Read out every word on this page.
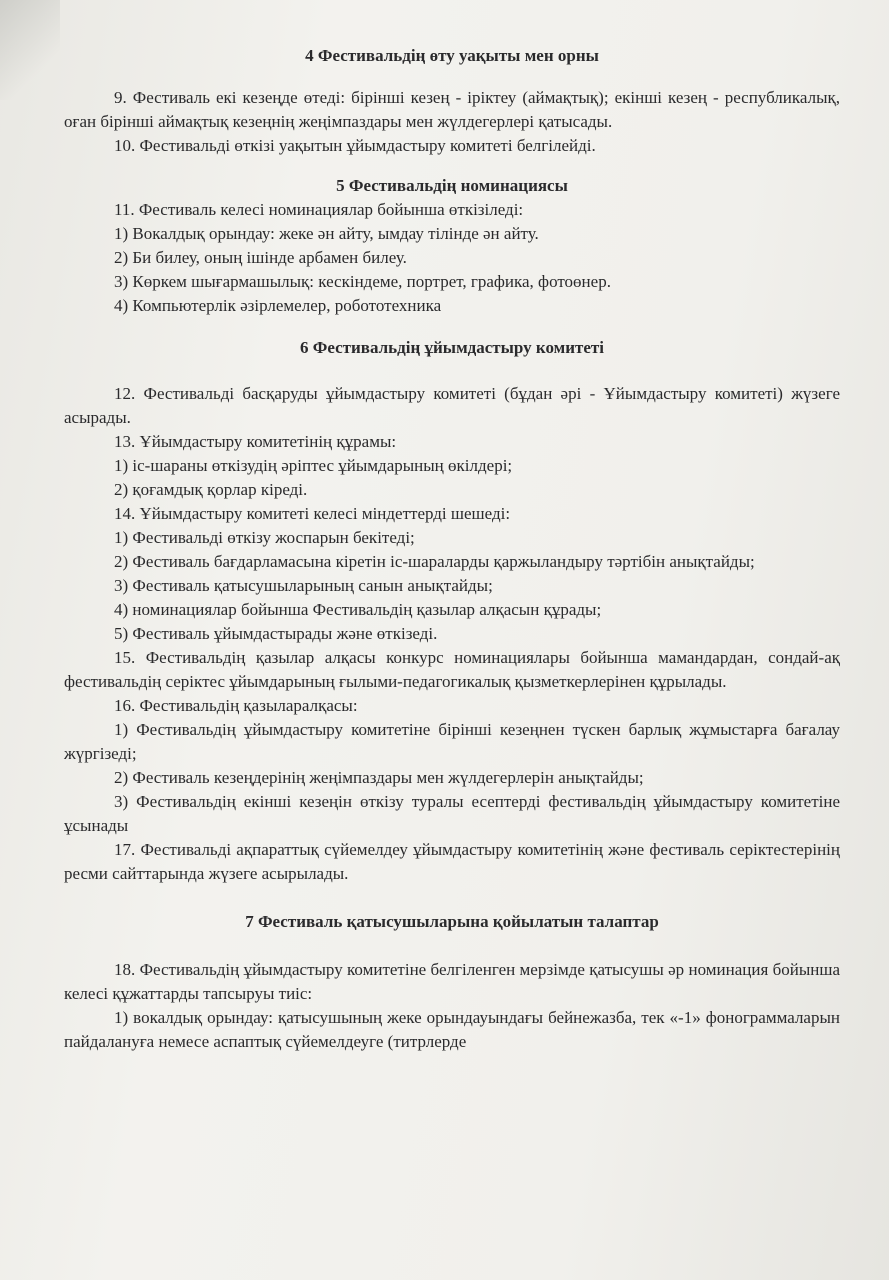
4 Фестивальдің өту уақыты мен орны

9. Фестиваль екі кезеңде өтеді: бірінші кезең - іріктеу (аймақтық); екінші кезең - республикалық, оған бірінші аймақтық кезеңнің жеңімпаздары мен жүлдегерлері қатысады.

10. Фестивальді өткізі уақытын ұйымдастыру комитеті белгілейді.

5 Фестивальдің номинациясы

11. Фестиваль келесі номинациялар бойынша өткізіледі:

1) Вокалдық орындау: жеке ән айту, ымдау тілінде ән айту.

2) Би билеу, оның ішінде арбамен билеу.

3) Көркем шығармашылық: кескіндеме, портрет, графика, фотоөнер.

4) Компьютерлік әзірлемелер, робототехника

6 Фестивальдің ұйымдастыру комитеті

12. Фестивальді басқаруды ұйымдастыру комитеті (бұдан әрі - Ұйымдастыру комитеті) жүзеге асырады.

13. Ұйымдастыру комитетінің құрамы:

1) іс-шараны өткізудің әріптес ұйымдарының өкілдері;

2) қоғамдық қорлар кіреді.

14. Ұйымдастыру комитеті келесі міндеттерді шешеді:

1) Фестивальді өткізу жоспарын бекітеді;

2) Фестиваль бағдарламасына кіретін іс-шараларды қаржыландыру тәртібін анықтайды;

3) Фестиваль қатысушыларының санын анықтайды;

4) номинациялар бойынша Фестивальдің қазылар алқасын құрады;

5) Фестиваль ұйымдастырады және өткізеді.

15. Фестивальдің қазылар алқасы конкурс номинациялары бойынша мамандардан, сондай-ақ фестивальдің серіктес ұйымдарының ғылыми-педагогикалық қызметкерлерінен құрылады.

16. Фестивальдің қазыларалқасы:

1) Фестивальдің ұйымдастыру комитетіне бірінші кезеңнен түскен барлық жұмыстарға бағалау жүргізеді;

2) Фестиваль кезеңдерінің жеңімпаздары мен жүлдегерлерін анықтайды;

3) Фестивальдің екінші кезеңін өткізу туралы есептерді фестивальдің ұйымдастыру комитетіне ұсынады

17. Фестивальді ақпараттық сүйемелдеу ұйымдастыру комитетінің және фестиваль серіктестерінің ресми сайттарында жүзеге асырылады.

7 Фестиваль қатысушыларына қойылатын талаптар

18. Фестивальдің ұйымдастыру комитетіне белгіленген мерзімде қатысушы әр номинация бойынша келесі құжаттарды тапсыруы тиіс:

1) вокалдық орындау: қатысушының жеке орындауындағы бейнежазба, тек «-1» фонограммаларын пайдалануға немесе аспаптық сүйемелдеуге (титрлерде
